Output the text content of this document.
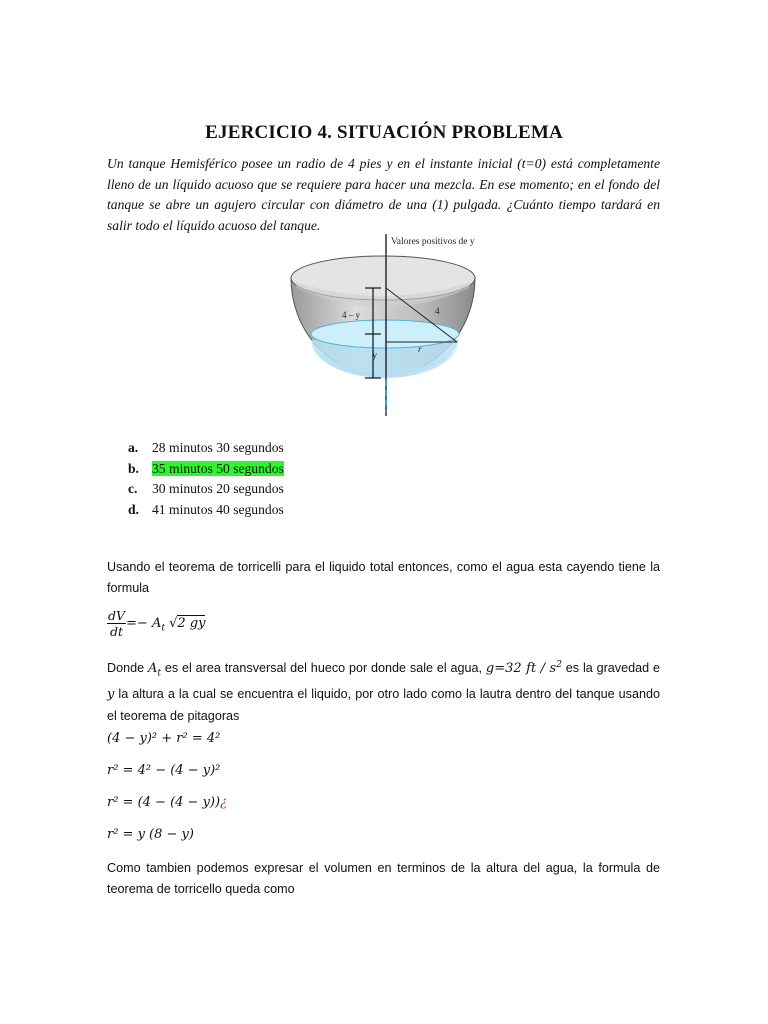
EJERCICIO 4. SITUACIÓN PROBLEMA
Un tanque Hemisférico posee un radio de 4 pies y en el instante inicial (t=0) está completamente lleno de un líquido acuoso que se requiere para hacer una mezcla. En ese momento; en el fondo del tanque se abre un agujero circular con diámetro de una (1) pulgada. ¿Cuánto tiempo tardará en salir todo el líquido acuoso del tanque.
Valores positivos de y
4 – y	4
r
y
a. 28 minutos 30 segundos
b. 35 minutos 50 segundos
c. 30 minutos 20 segundos
d. 41 minutos 40 segundos
Usando el teorema de torricelli para el liquido total entonces, como el agua esta cayendo tiene la formula
$\frac{dV}{dt} =- A_t$ √2 gy
Donde $A_t$ es el area transversal del hueco por donde sale el agua, g=32 ft / $s^2$ es la gravedad e y la altura a la cual se encuentra el liquido, por otro lado como la lautra dentro del tanque usando el teorema de pitagoras
(4 − y)² + r² = 4²
r² = 4² − (4 − y)²
r² = (4 − (4 − y))¿
r² = y (8 − y)
Como tambien podemos expresar el volumen en terminos de la altura del agua, la formula de teorema de torricello queda como
